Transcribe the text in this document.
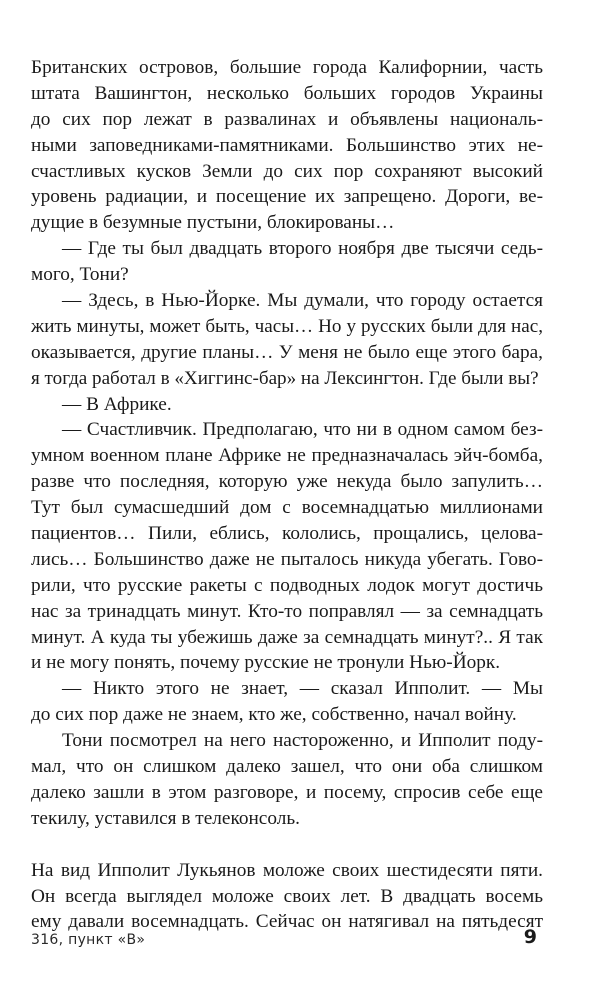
Британских островов, большие города Калифорнии, часть
штата Вашингтон, несколько больших городов Украины
до сих пор лежат в развалинах и объявлены националь-
ными заповедниками-памятниками. Большинство этих не-
счастливых кусков Земли до сих пор сохраняют высокий
уровень радиации, и посещение их запрещено. Дороги, ве-
дущие в безумные пустыни, блокированы…
— Где ты был двадцать второго ноября две тысячи седь-
мого, Тони?
— Здесь, в Нью-Йорке. Мы думали, что городу остается
жить минуты, может быть, часы… Но у русских были для нас,
оказывается, другие планы… У меня не было еще этого бара,
я тогда работал в «Хиггинс-бар» на Лексингтон. Где были вы?
— В Африке.
— Счастливчик. Предполагаю, что ни в одном самом без-
умном военном плане Африке не предназначалась эйч-бомба,
разве что последняя, которую уже некуда было запулить…
Тут был сумасшедший дом с восемнадцатью миллионами
пациентов… Пили, еблись, кололись, прощались, целова-
лись… Большинство даже не пыталось никуда убегать. Гово-
рили, что русские ракеты с подводных лодок могут достичь
нас за тринадцать минут. Кто-то поправлял — за семнадцать
минут. А куда ты убежишь даже за семнадцать минут?.. Я так
и не могу понять, почему русские не тронули Нью-Йорк.
— Никто этого не знает, — сказал Ипполит. — Мы
до сих пор даже не знаем, кто же, собственно, начал войну.
Тони посмотрел на него настороженно, и Ипполит поду-
мал, что он слишком далеко зашел, что они оба слишком
далеко зашли в этом разговоре, и посему, спросив себе еще
текилу, уставился в телеконсоль.
На вид Ипполит Лукьянов моложе своих шестидесяти пяти.
Он всегда выглядел моложе своих лет. В двадцать восемь
ему давали восемнадцать. Сейчас он натягивал на пятьдесят
316, пункт «В»	9
